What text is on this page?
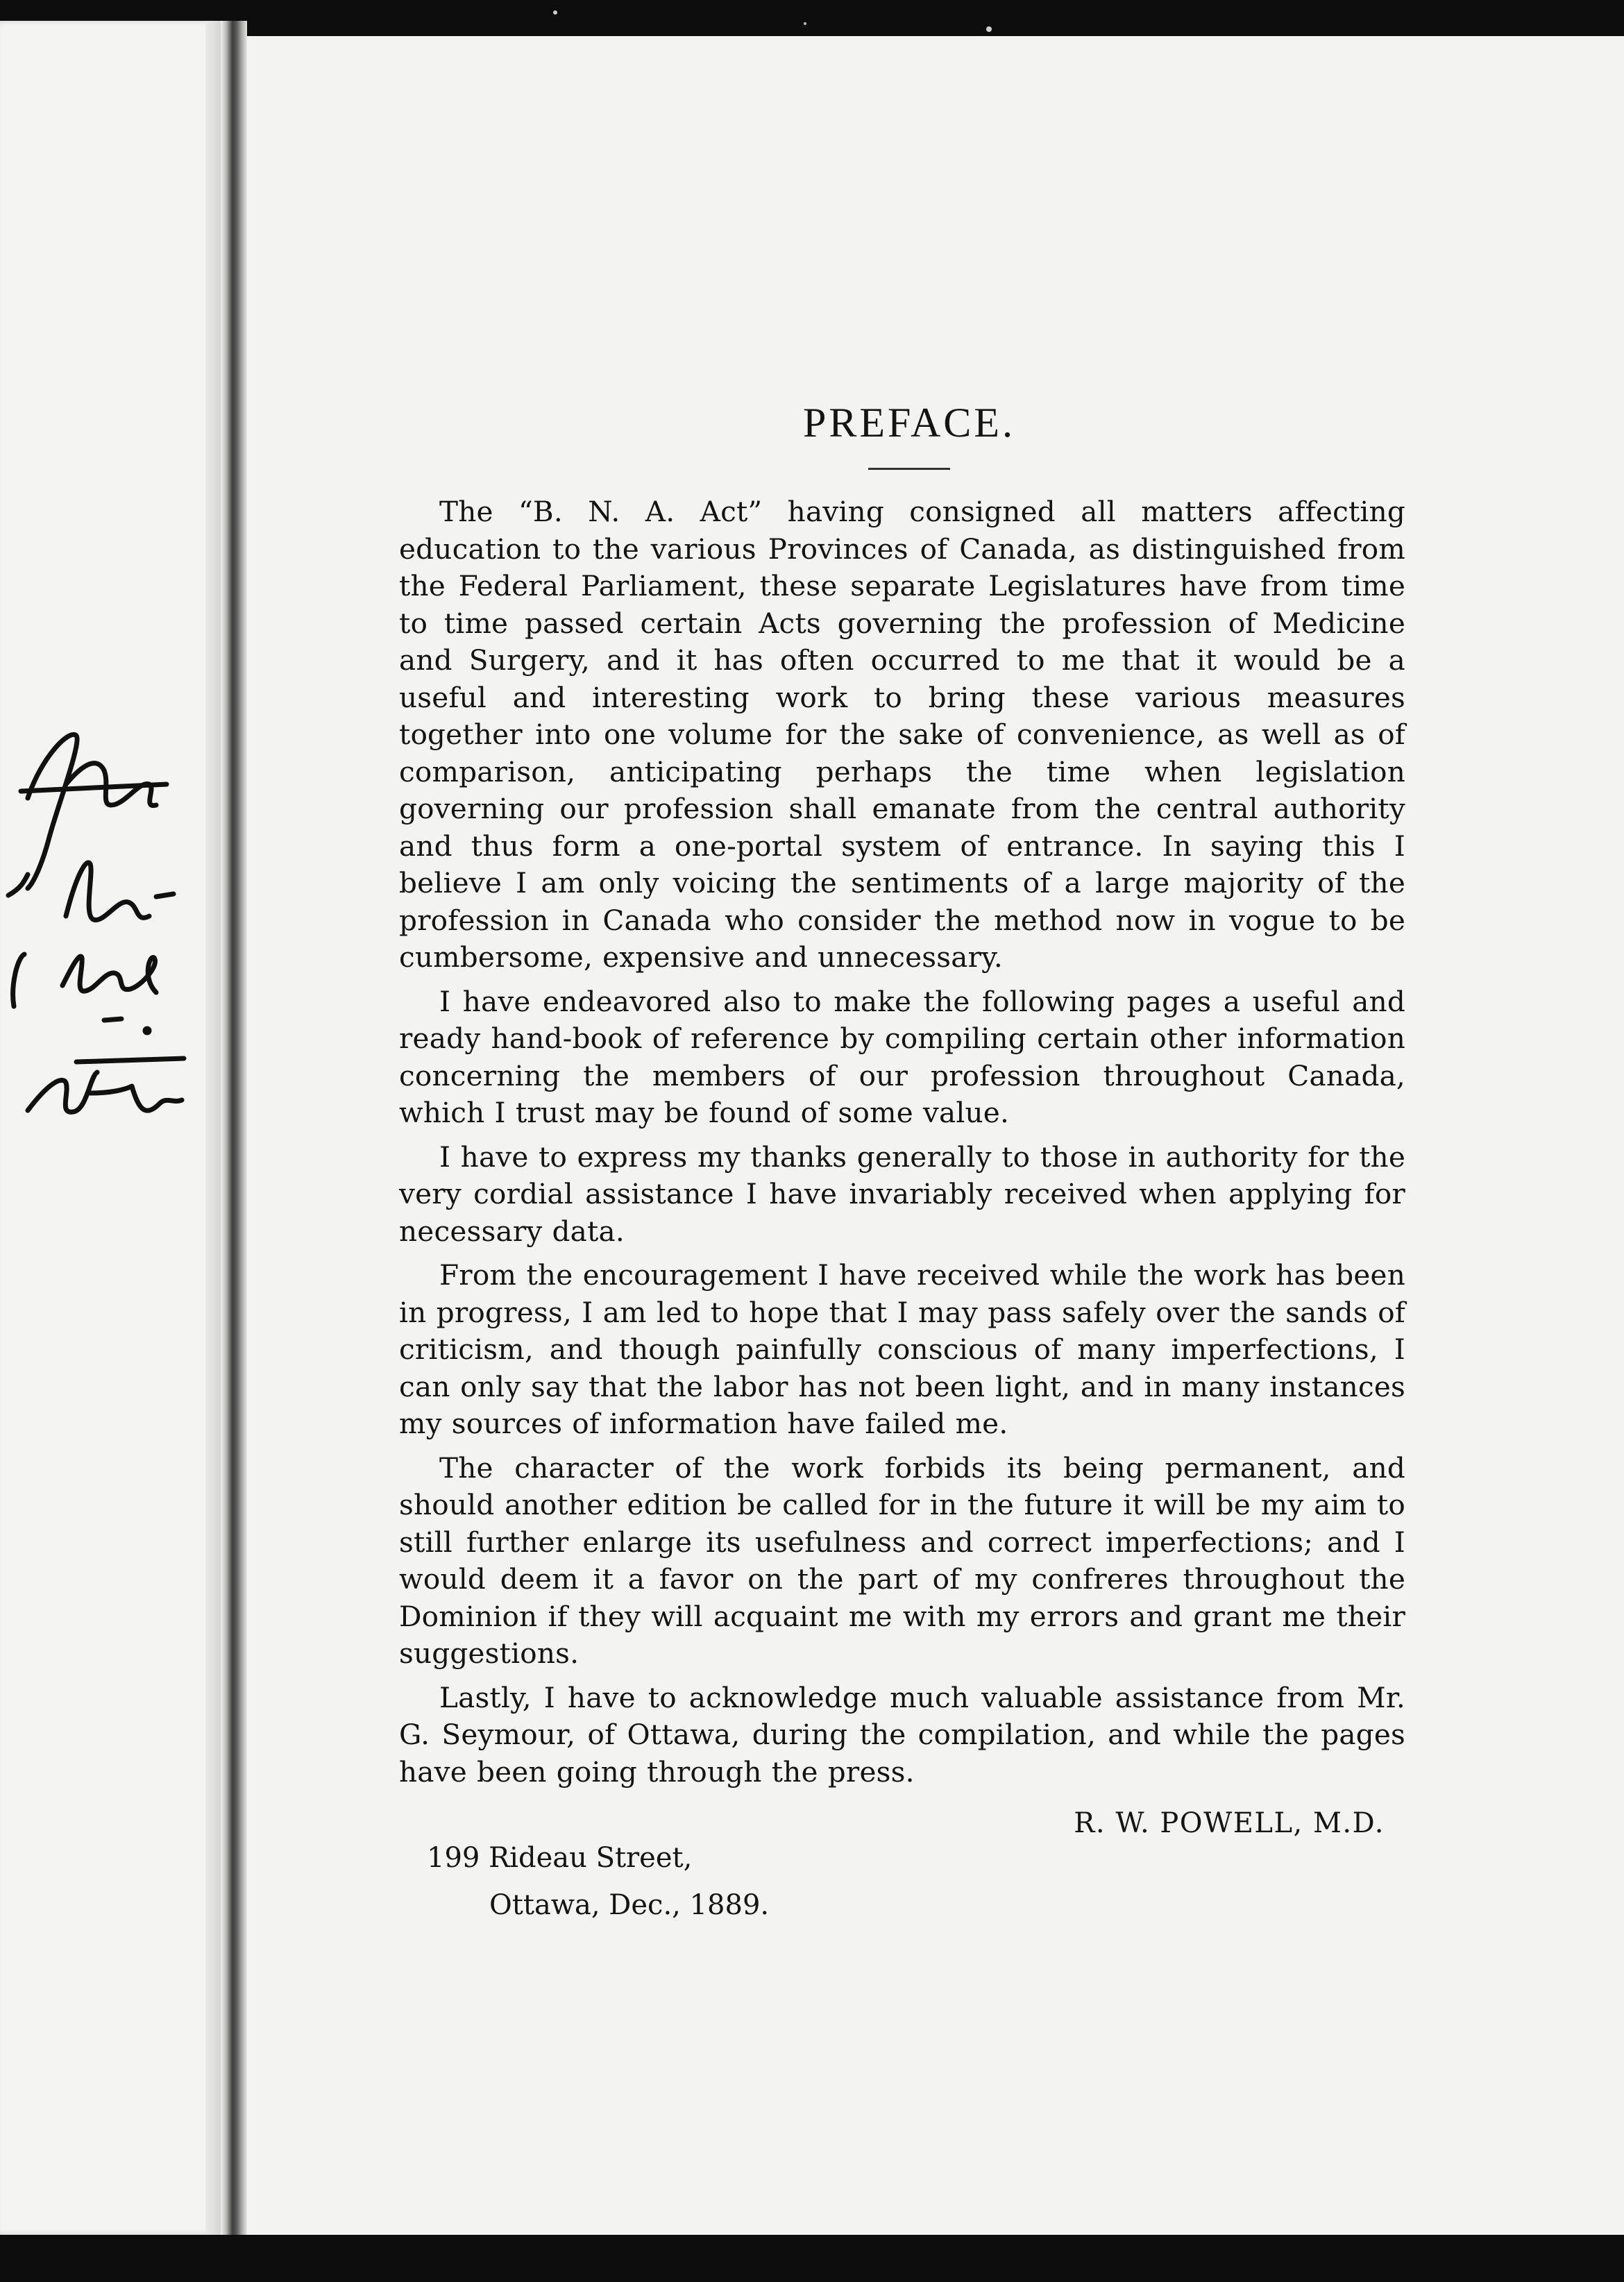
PREFACE.

The “B. N. A. Act” having consigned all matters affecting education to the various Provinces of Canada, as distinguished from the Federal Parliament, these separate Legislatures have from time to time passed certain Acts governing the profession of Medicine and Surgery, and it has often occurred to me that it would be a useful and interesting work to bring these various measures together into one volume for the sake of convenience, as well as of comparison, anticipating perhaps the time when legislation governing our profession shall emanate from the central authority and thus form a one-portal system of entrance. In saying this I believe I am only voicing the sentiments of a large majority of the profession in Canada who consider the method now in vogue to be cumbersome, expensive and unnecessary.

I have endeavored also to make the following pages a useful and ready hand-book of reference by compiling certain other information concerning the members of our profession throughout Canada, which I trust may be found of some value.

I have to express my thanks generally to those in authority for the very cordial assistance I have invariably received when applying for necessary data.

From the encouragement I have received while the work has been in progress, I am led to hope that I may pass safely over the sands of criticism, and though painfully conscious of many imperfections, I can only say that the labor has not been light, and in many instances my sources of information have failed me.

The character of the work forbids its being permanent, and should another edition be called for in the future it will be my aim to still further enlarge its usefulness and correct imperfections; and I would deem it a favor on the part of my confreres throughout the Dominion if they will acquaint me with my errors and grant me their suggestions.

Lastly, I have to acknowledge much valuable assistance from Mr. G. Seymour, of Ottawa, during the compilation, and while the pages have been going through the press.

R. W. POWELL, M.D.
199 Rideau Street,
Ottawa, Dec., 1889.
